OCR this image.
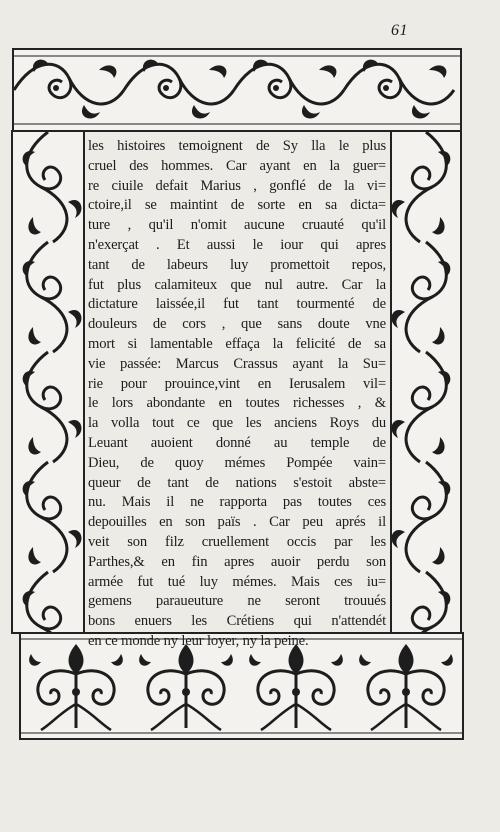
61
les histoires temoignent de Sy lla le plus
cruel des hommes. Car ayant en la guer=
re ciuile defait Marius , gonflé de la vi=
ctoire,il se maintint de sorte en sa dicta=
ture , qu'il n'omit aucune cruauté qu'il
n'exerçat . Et aussi le iour qui apres
tant de labeurs luy promettoit repos,
fut plus calamiteux que nul autre. Car la
dictature laissée,il fut tant tourmenté de
douleurs de cors , que sans doute vne
mort si lamentable effaça la felicité de sa
vie passée: Marcus Crassus ayant la Su=
rie pour prouince,vint en Ierusalem vil=
le lors abondante en toutes richesses , &
la volla tout ce que les anciens Roys du
Leuant auoient donné au temple de
Dieu, de quoy mémes Pompée vain=
queur de tant de nations s'estoit abste=
nu. Mais il ne rapporta pas toutes ces
depouilles en son païs . Car peu aprés il
veit son filz cruellement occis par les
Parthes,& en fin apres auoir perdu son
armée fut tué luy mémes. Mais ces iu=
gemens paraueuture ne seront trouués
bons enuers les Crétiens qui n'attendét
en ce monde ny leur loyer, ny la peine.
